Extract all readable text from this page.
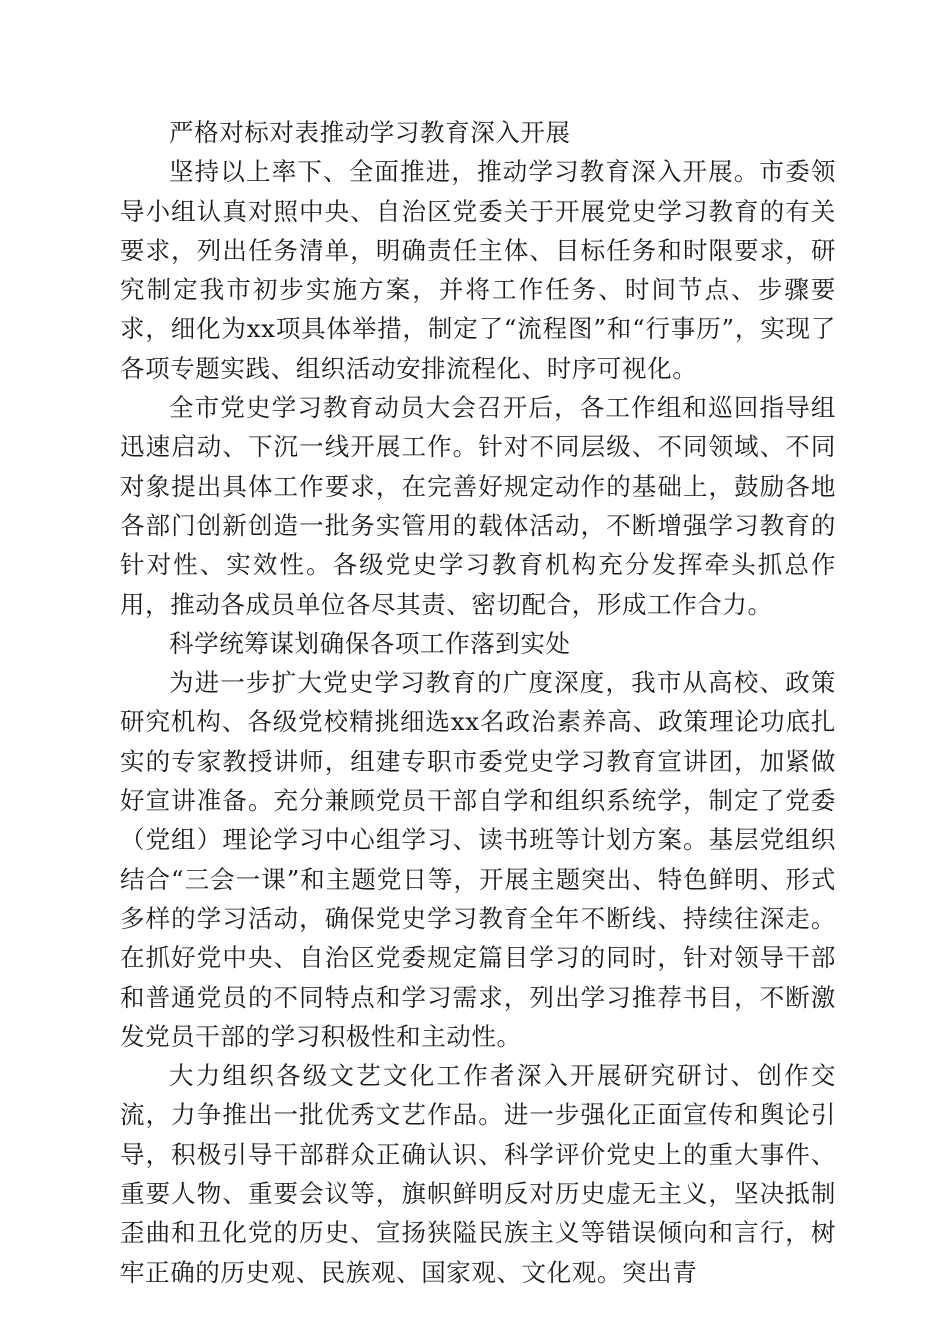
严格对标对表推动学习教育深入开展

坚持以上率下、全面推进，推动学习教育深入开展。市委领导小组认真对照中央、自治区党委关于开展党史学习教育的有关要求，列出任务清单，明确责任主体、目标任务和时限要求，研究制定我市初步实施方案，并将工作任务、时间节点、步骤要求，细化为xx项具体举措，制定了“流程图”和“行事历”，实现了各项专题实践、组织活动安排流程化、时序可视化。

全市党史学习教育动员大会召开后，各工作组和巡回指导组迅速启动、下沉一线开展工作。针对不同层级、不同领域、不同对象提出具体工作要求，在完善好规定动作的基础上，鼓励各地各部门创新创造一批务实管用的载体活动，不断增强学习教育的针对性、实效性。各级党史学习教育机构充分发挥牵头抓总作用，推动各成员单位各尽其责、密切配合，形成工作合力。

科学统筹谋划确保各项工作落到实处

为进一步扩大党史学习教育的广度深度，我市从高校、政策研究机构、各级党校精挑细选xx名政治素养高、政策理论功底扎实的专家教授讲师，组建专职市委党史学习教育宣讲团，加紧做好宣讲准备。充分兼顾党员干部自学和组织系统学，制定了党委（党组）理论学习中心组学习、读书班等计划方案。基层党组织结合“三会一课”和主题党日等，开展主题突出、特色鲜明、形式多样的学习活动，确保党史学习教育全年不断线、持续往深走。在抓好党中央、自治区党委规定篇目学习的同时，针对领导干部和普通党员的不同特点和学习需求，列出学习推荐书目，不断激发党员干部的学习积极性和主动性。

大力组织各级文艺文化工作者深入开展研究研讨、创作交流，力争推出一批优秀文艺作品。进一步强化正面宣传和舆论引导，积极引导干部群众正确认识、科学评价党史上的重大事件、重要人物、重要会议等，旗帜鲜明反对历史虚无主义，坚决抵制歪曲和丑化党的历史、宣扬狭隘民族主义等错误倾向和言行，树牢正确的历史观、民族观、国家观、文化观。突出青
